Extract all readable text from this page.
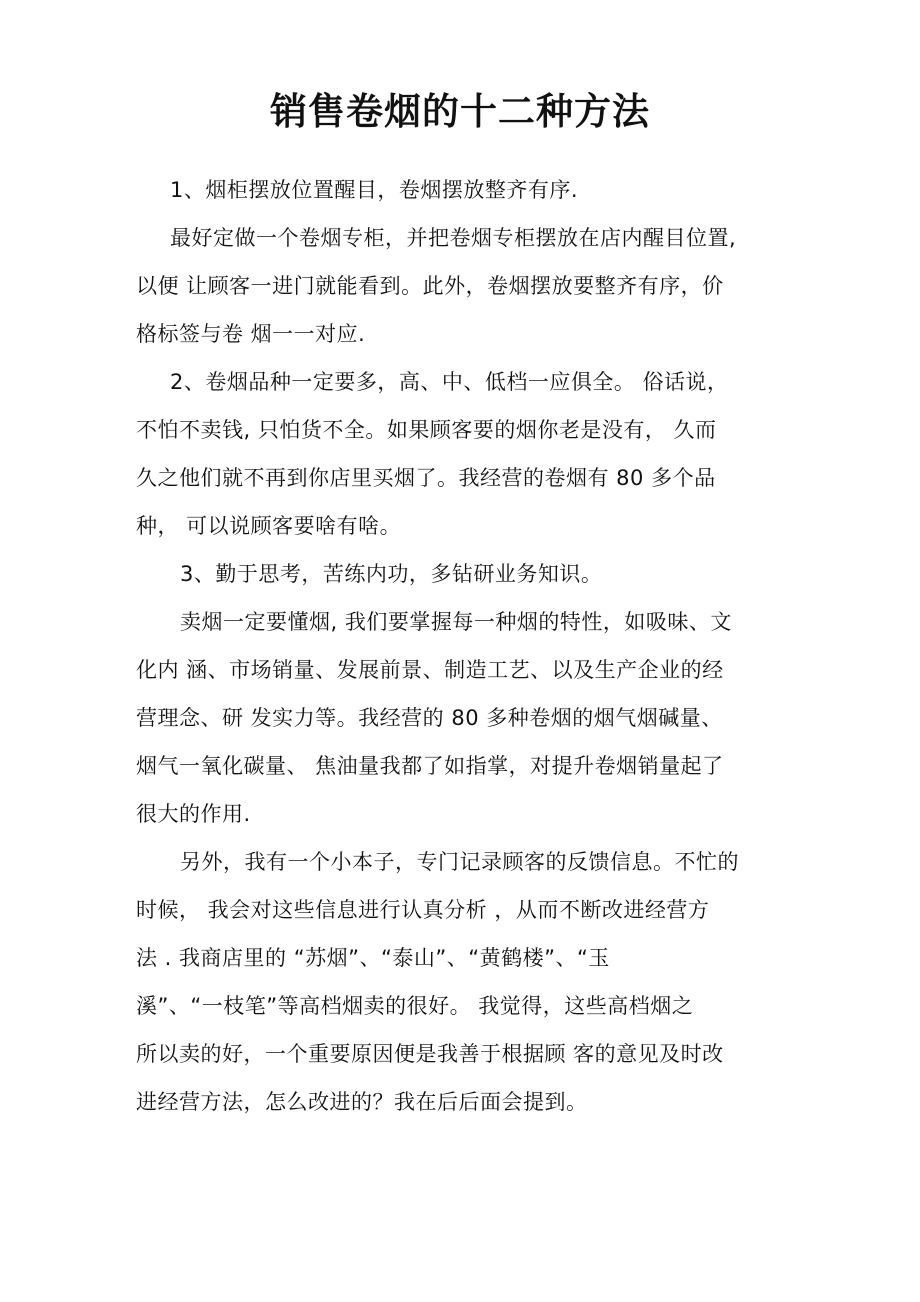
销售卷烟的十二种方法
1、烟柜摆放位置醒目，卷烟摆放整齐有序.
最好定做一个卷烟专柜，并把卷烟专柜摆放在店内醒目位置,
以便 让顾客一进门就能看到。此外，卷烟摆放要整齐有序，价
格标签与卷 烟一一对应.
2、卷烟品种一定要多，高、中、低档一应俱全。 俗话说，
不怕不卖钱, 只怕货不全。如果顾客要的烟你老是没有， 久而
久之他们就不再到你店里买烟了。我经营的卷烟有 80 多个品
种， 可以说顾客要啥有啥。
3、勤于思考，苦练内功，多钻研业务知识。
卖烟一定要懂烟, 我们要掌握每一种烟的特性，如吸味、文
化内 涵、市场销量、发展前景、制造工艺、以及生产企业的经
营理念、研 发实力等。我经营的 80 多种卷烟的烟气烟碱量、
烟气一氧化碳量、 焦油量我都了如指掌，对提升卷烟销量起了
很大的作用.
另外，我有一个小本子，专门记录顾客的反馈信息。不忙的
时候， 我会对这些信息进行认真分析 ，从而不断改进经营方
法 . 我商店里的 “苏烟”、“泰山”、“黄鹤楼”、“玉
溪”、“一枝笔”等高档烟卖的很好。 我觉得，这些高档烟之
所以卖的好，一个重要原因便是我善于根据顾 客的意见及时改
进经营方法，怎么改进的？我在后后面会提到。
